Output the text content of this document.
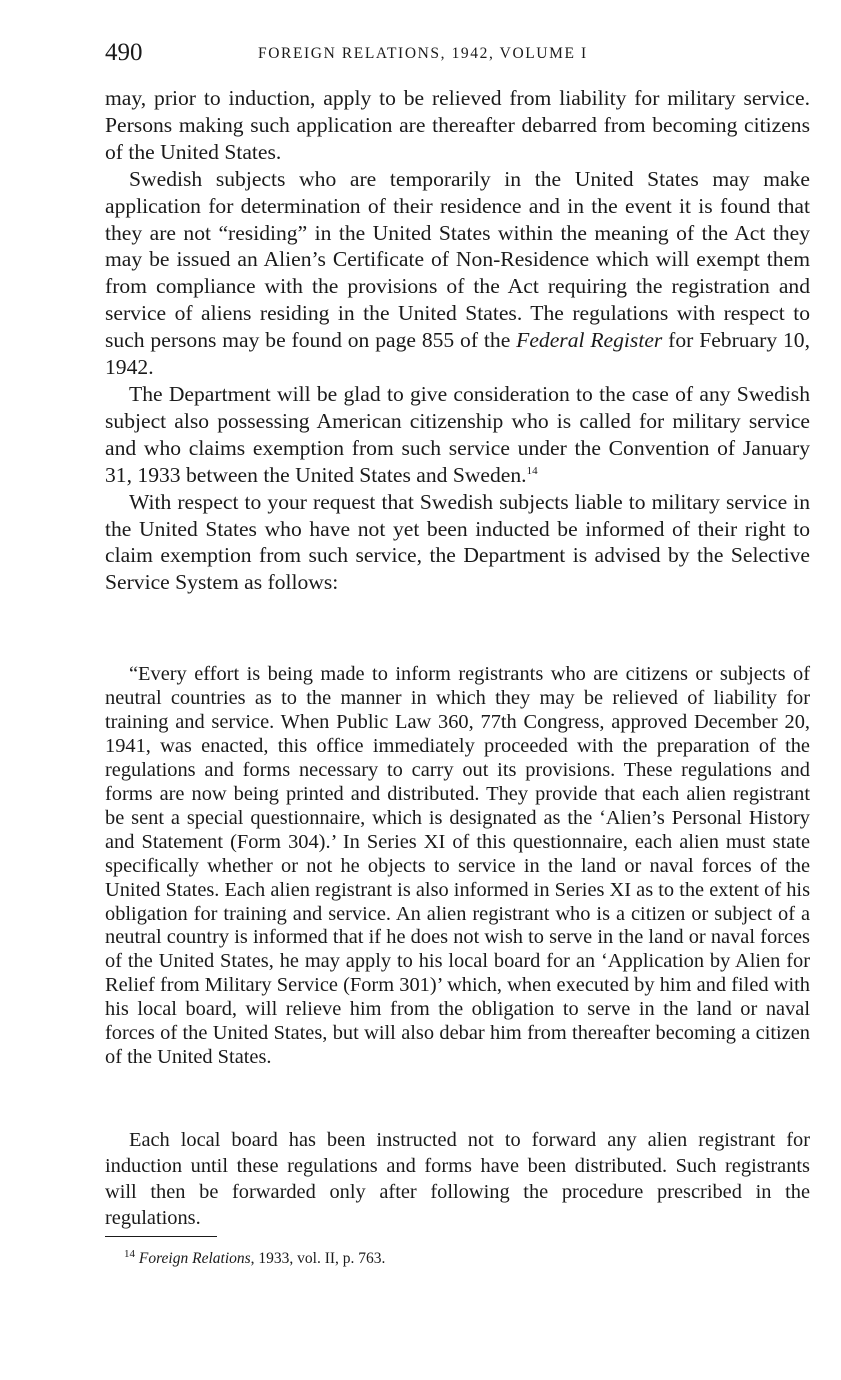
490	FOREIGN RELATIONS, 1942, VOLUME I

may, prior to induction, apply to be relieved from liability for military service. Persons making such application are thereafter debarred from becoming citizens of the United States.

Swedish subjects who are temporarily in the United States may make application for determination of their residence and in the event it is found that they are not “residing” in the United States within the meaning of the Act they may be issued an Alien’s Certificate of Non-Residence which will exempt them from compliance with the provisions of the Act requiring the registration and service of aliens residing in the United States. The regulations with respect to such persons may be found on page 855 of the Federal Register for February 10, 1942.

The Department will be glad to give consideration to the case of any Swedish subject also possessing American citizenship who is called for military service and who claims exemption from such service under the Convention of January 31, 1933 between the United States and Sweden.$^{14}$

With respect to your request that Swedish subjects liable to military service in the United States who have not yet been inducted be informed of their right to claim exemption from such service, the Department is advised by the Selective Service System as follows:

“Every effort is being made to inform registrants who are citizens or subjects of neutral countries as to the manner in which they may be relieved of liability for training and service. When Public Law 360, 77th Congress, approved December 20, 1941, was enacted, this office immediately proceeded with the preparation of the regulations and forms necessary to carry out its provisions. These regulations and forms are now being printed and distributed. They provide that each alien registrant be sent a special questionnaire, which is designated as the ‘Alien’s Personal History and Statement (Form 304).’ In Series XI of this questionnaire, each alien must state specifically whether or not he objects to service in the land or naval forces of the United States. Each alien registrant is also informed in Series XI as to the extent of his obligation for training and service. An alien registrant who is a citizen or subject of a neutral country is informed that if he does not wish to serve in the land or naval forces of the United States, he may apply to his local board for an ‘Application by Alien for Relief from Military Service (Form 301)’ which, when executed by him and filed with his local board, will relieve him from the obligation to serve in the land or naval forces of the United States, but will also debar him from thereafter becoming a citizen of the United States.

Each local board has been instructed not to forward any alien registrant for induction until these regulations and forms have been distributed. Such registrants will then be forwarded only after following the procedure prescribed in the regulations.

$^{14}$ Foreign Relations, 1933, vol. II, p. 763.
